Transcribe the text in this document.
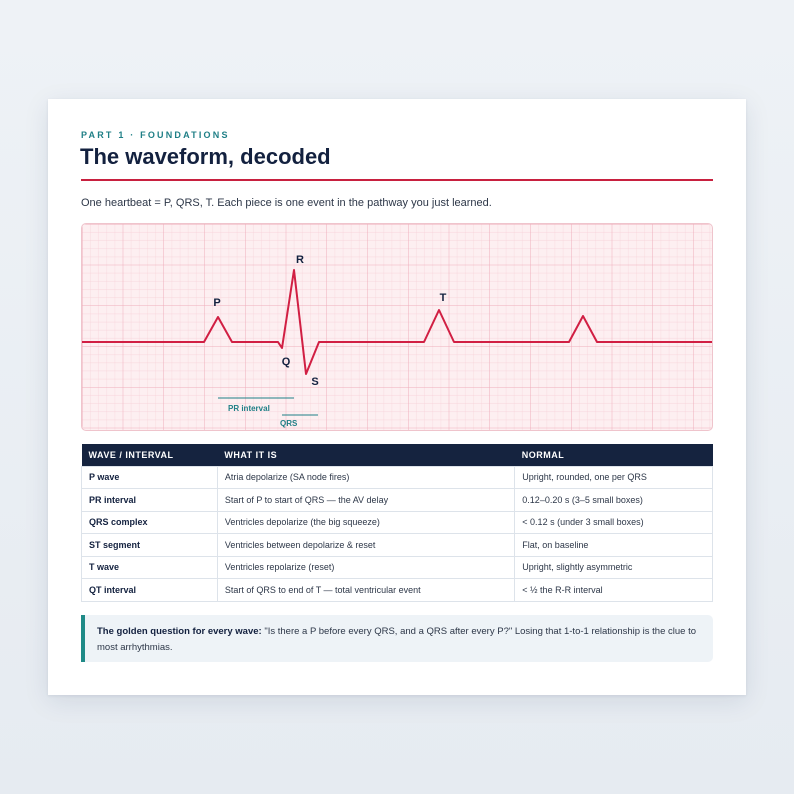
PART 1 · FOUNDATIONS
The waveform, decoded
One heartbeat = P, QRS, T. Each piece is one event in the pathway you just learned.
P
R
Q
S
T
PR interval
QRS
WAVE / INTERVAL	WHAT IT IS	NORMAL
P wave	Atria depolarize (SA node fires)	Upright, rounded, one per QRS
PR interval	Start of P to start of QRS — the AV delay	0.12–0.20 s (3–5 small boxes)
QRS complex	Ventricles depolarize (the big squeeze)	< 0.12 s (under 3 small boxes)
ST segment	Ventricles between depolarize & reset	Flat, on baseline
T wave	Ventricles repolarize (reset)	Upright, slightly asymmetric
QT interval	Start of QRS to end of T — total ventricular event	< ½ the R-R interval
The golden question for every wave: "Is there a P before every QRS, and a QRS after every P?" Losing that 1-to-1 relationship is the clue to most arrhythmias.
